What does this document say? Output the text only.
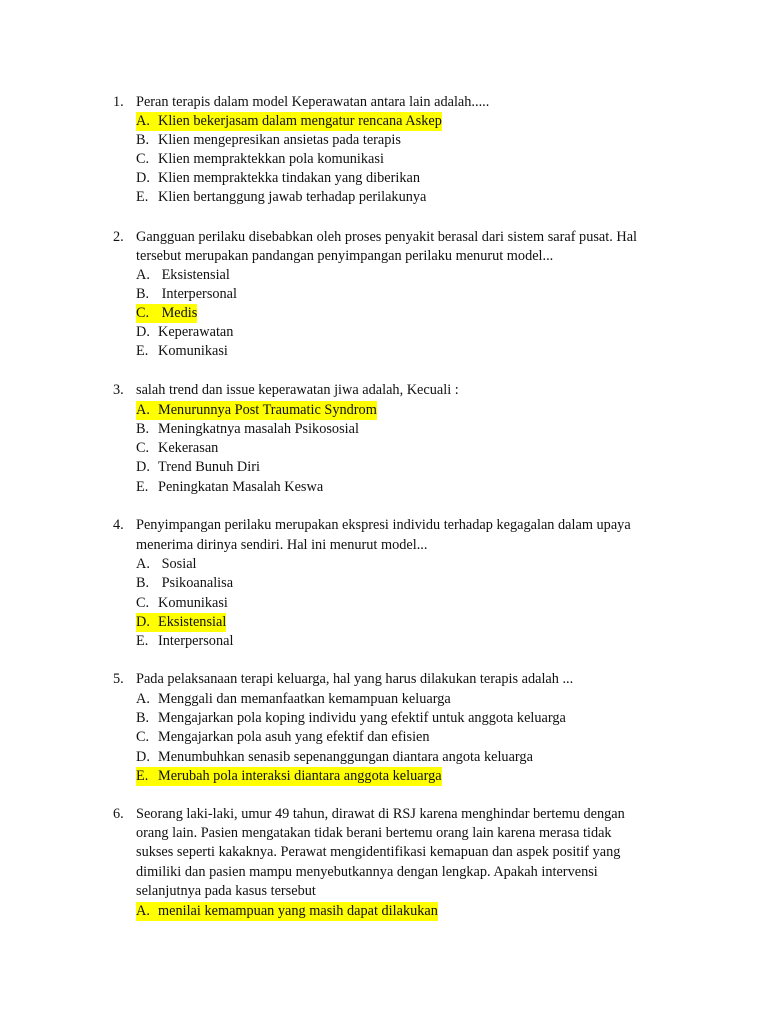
1. Peran terapis dalam model Keperawatan antara lain adalah.....
A. Klien bekerjasam dalam mengatur rencana Askep
B. Klien mengepresikan ansietas pada terapis
C. Klien mempraktekkan pola komunikasi
D. Klien mempraktekka tindakan yang diberikan
E. Klien bertanggung jawab terhadap perilakunya
2. Gangguan perilaku disebabkan oleh proses penyakit berasal dari sistem saraf pusat. Hal
tersebut merupakan pandangan penyimpangan perilaku menurut model...
A. Eksistensial
B. Interpersonal
C. Medis
D. Keperawatan
E. Komunikasi
3. salah trend dan issue keperawatan jiwa adalah, Kecuali :
A. Menurunnya Post Traumatic Syndrom
B. Meningkatnya masalah Psikososial
C. Kekerasan
D. Trend Bunuh Diri
E. Peningkatan Masalah Keswa
4. Penyimpangan perilaku merupakan ekspresi individu terhadap kegagalan dalam upaya
menerima dirinya sendiri. Hal ini menurut model...
A. Sosial
B. Psikoanalisa
C. Komunikasi
D. Eksistensial
E. Interpersonal
5. Pada pelaksanaan terapi keluarga, hal yang harus dilakukan terapis adalah ...
A. Menggali dan memanfaatkan kemampuan keluarga
B. Mengajarkan pola koping individu yang efektif untuk anggota keluarga
C. Mengajarkan pola asuh yang efektif dan efisien
D. Menumbuhkan senasib sepenanggungan diantara angota keluarga
E. Merubah pola interaksi diantara anggota keluarga
6. Seorang laki-laki, umur 49 tahun, dirawat di RSJ karena menghindar bertemu dengan
orang lain. Pasien mengatakan tidak berani bertemu orang lain karena merasa tidak
sukses seperti kakaknya. Perawat mengidentifikasi kemapuan dan aspek positif yang
dimiliki dan pasien mampu menyebutkannya dengan lengkap. Apakah intervensi
selanjutnya pada kasus tersebut
A. menilai kemampuan yang masih dapat dilakukan
